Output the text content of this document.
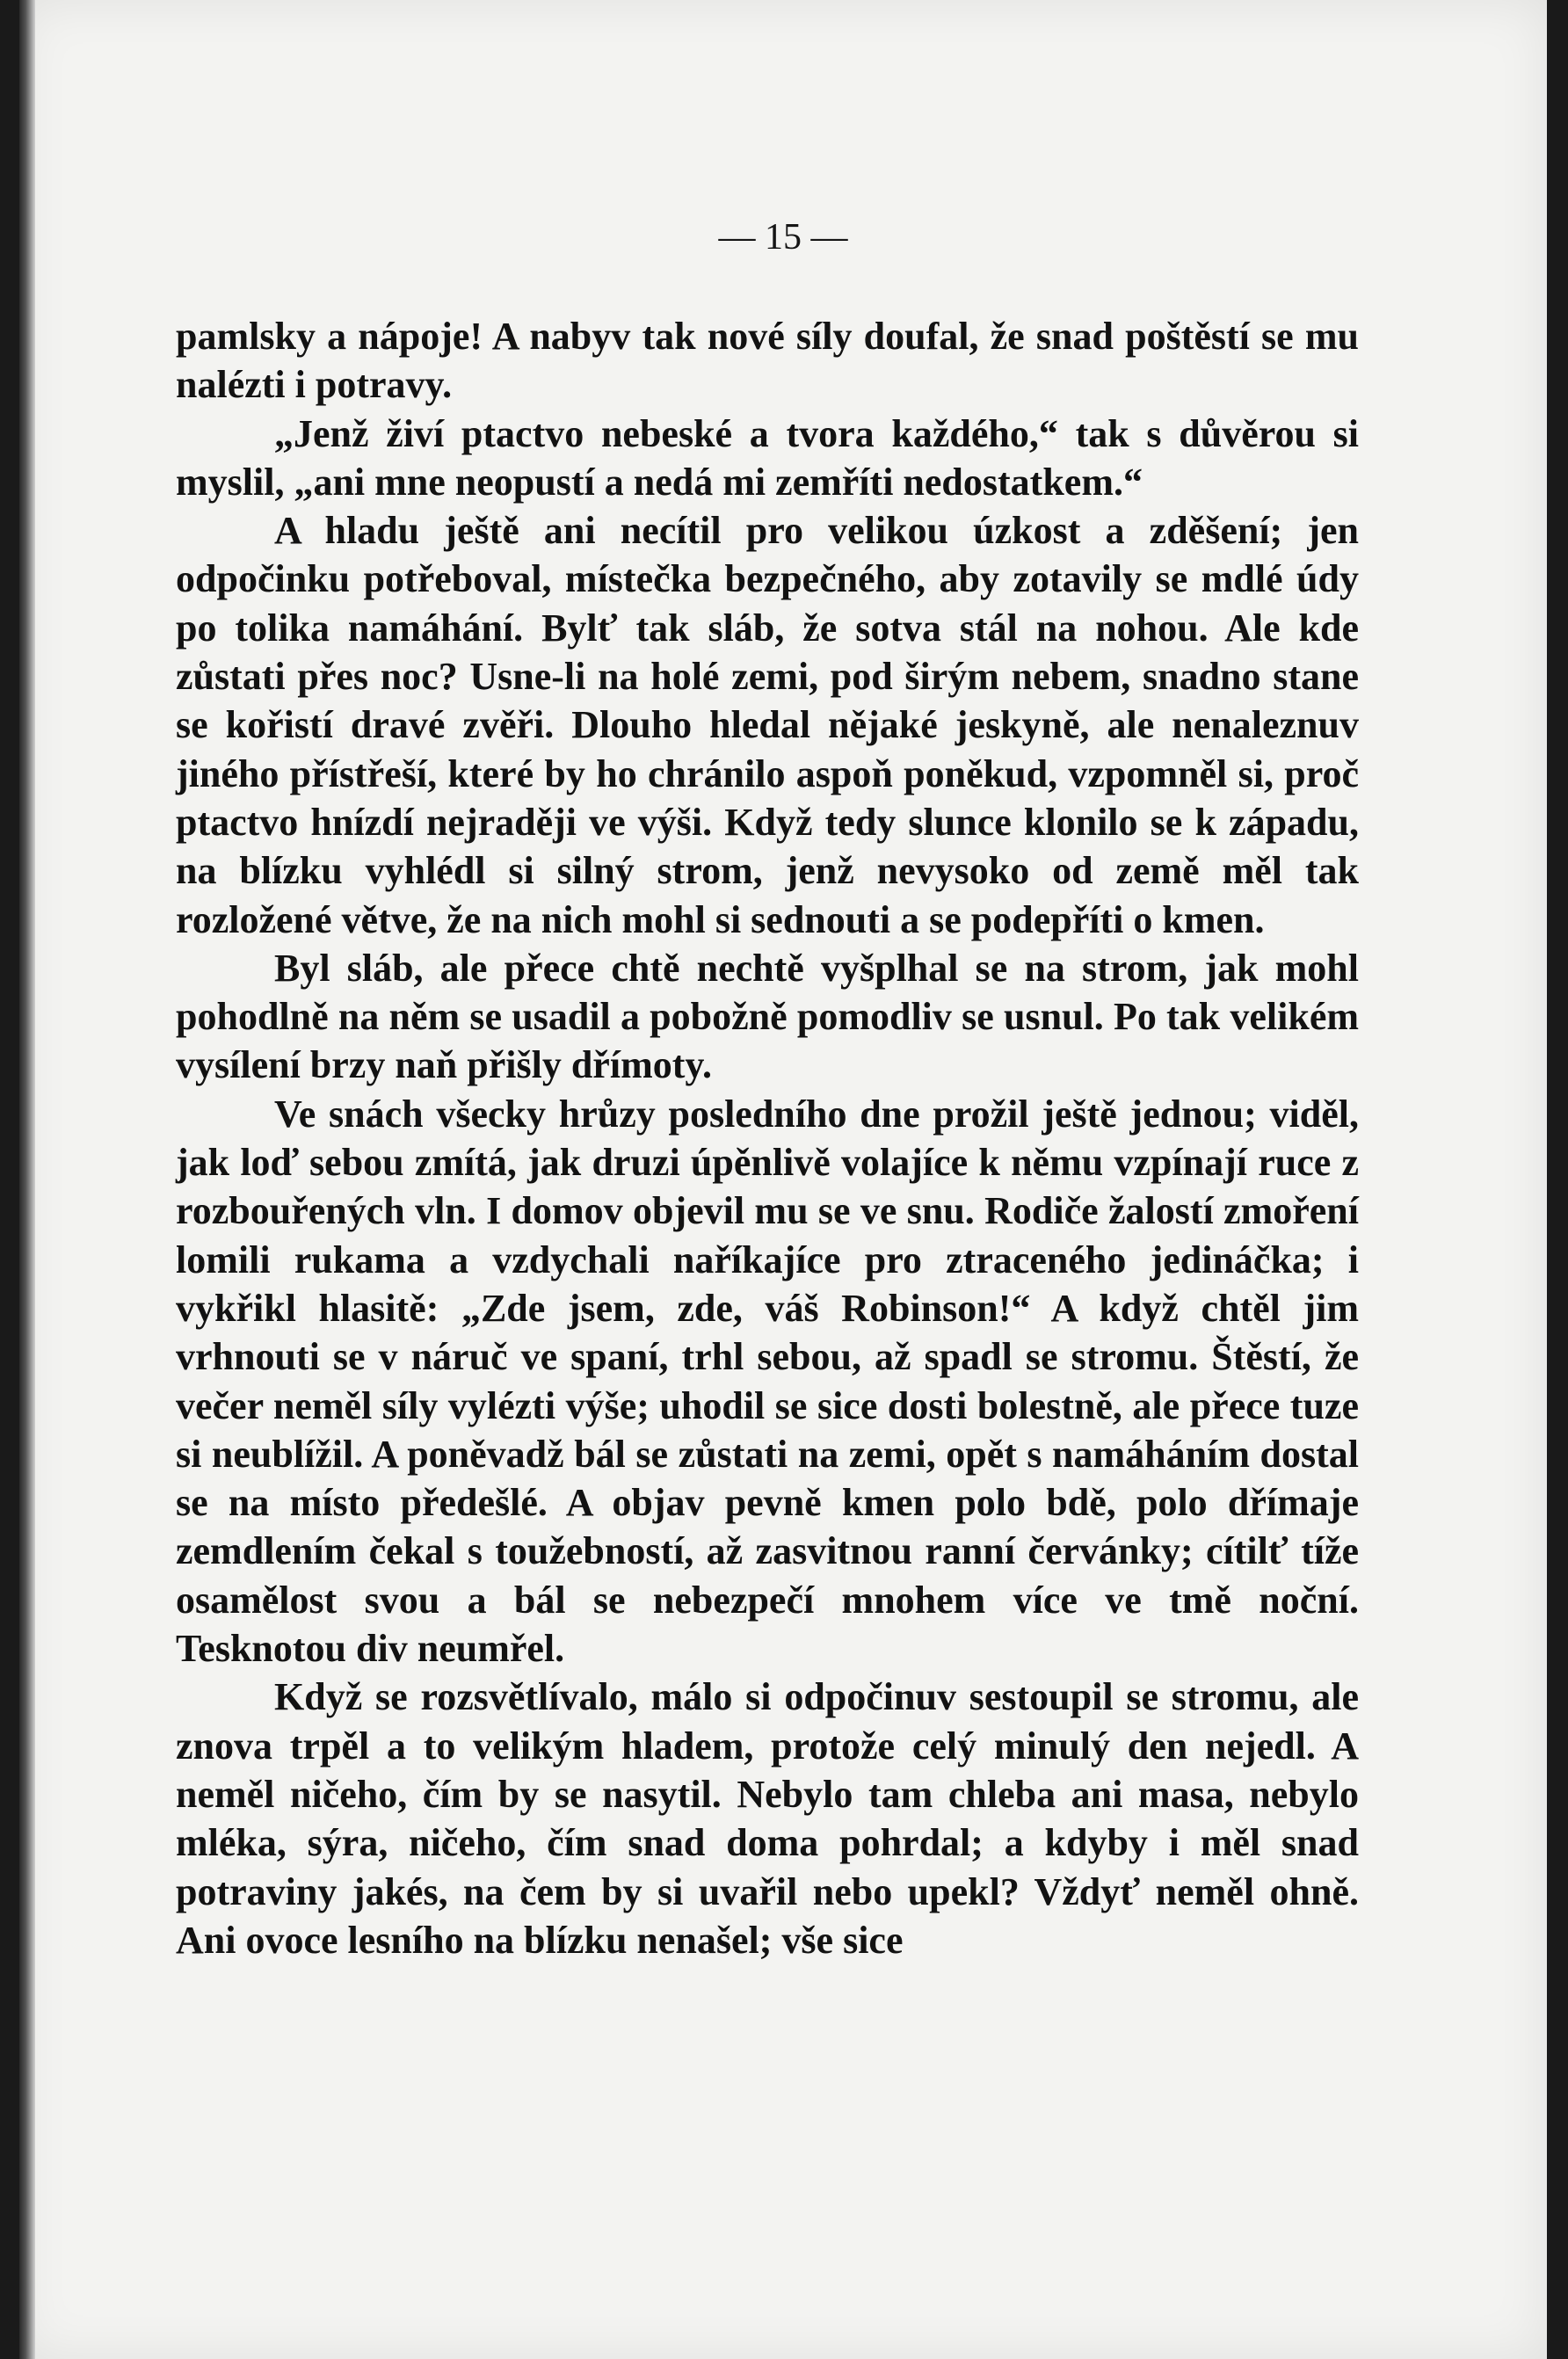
— 15 —

pamlsky a nápoje! A nabyv tak nové síly doufal, že snad poštěstí se mu nalézti i potravy.

„Jenž živí ptactvo nebeské a tvora každého,“ tak s důvěrou si myslil, „ani mne neopustí a nedá mi zemříti nedostatkem.“

A hladu ještě ani necítil pro velikou úzkost a zděšení; jen odpočinku potřeboval, místečka bezpečného, aby zotavily se mdlé údy po tolika namáhání. Bylť tak sláb, že sotva stál na nohou. Ale kde zůstati přes noc? Usne-li na holé zemi, pod širým nebem, snadno stane se kořistí dravé zvěři. Dlouho hledal nějaké jeskyně, ale nenaleznuv jiného přístřeší, které by ho chránilo aspoň poněkud, vzpomněl si, proč ptactvo hnízdí nejraději ve výši. Když tedy slunce klonilo se k západu, na blízku vyhlédl si silný strom, jenž nevysoko od země měl tak rozložené větve, že na nich mohl si sednouti a se podepříti o kmen.

Byl sláb, ale přece chtě nechtě vyšplhal se na strom, jak mohl pohodlně na něm se usadil a pobožně pomodliv se usnul. Po tak velikém vysílení brzy naň přišly dřímoty.

Ve snách všecky hrůzy posledního dne prožil ještě jednou; viděl, jak loď sebou zmítá, jak druzi úpěnlivě volajíce k němu vzpínají ruce z rozbouřených vln. I domov objevil mu se ve snu. Rodiče žalostí zmoření lomili rukama a vzdychali naříkajíce pro ztraceného jedináčka; i vykřikl hlasitě: „Zde jsem, zde, váš Robinson!“ A když chtěl jim vrhnouti se v náruč ve spaní, trhl sebou, až spadl se stromu. Štěstí, že večer neměl síly vylézti výše; uhodil se sice dosti bolestně, ale přece tuze si neublížil. A poněvadž bál se zůstati na zemi, opět s namáháním dostal se na místo předešlé. A objav pevně kmen polo bdě, polo dřímaje zemdlením čekal s toužebností, až zasvitnou ranní červánky; cítilť tíže osamělost svou a bál se nebezpečí mnohem více ve tmě noční. Tesknotou div neumřel.

Když se rozsvětlívalo, málo si odpočinuv sestoupil se stromu, ale znova trpěl a to velikým hladem, protože celý minulý den nejedl. A neměl ničeho, čím by se nasytil. Nebylo tam chleba ani masa, nebylo mléka, sýra, ničeho, čím snad doma pohrdal; a kdyby i měl snad potraviny jakés, na čem by si uvařil nebo upekl? Vždyť neměl ohně. Ani ovoce lesního na blízku nenašel; vše sice
